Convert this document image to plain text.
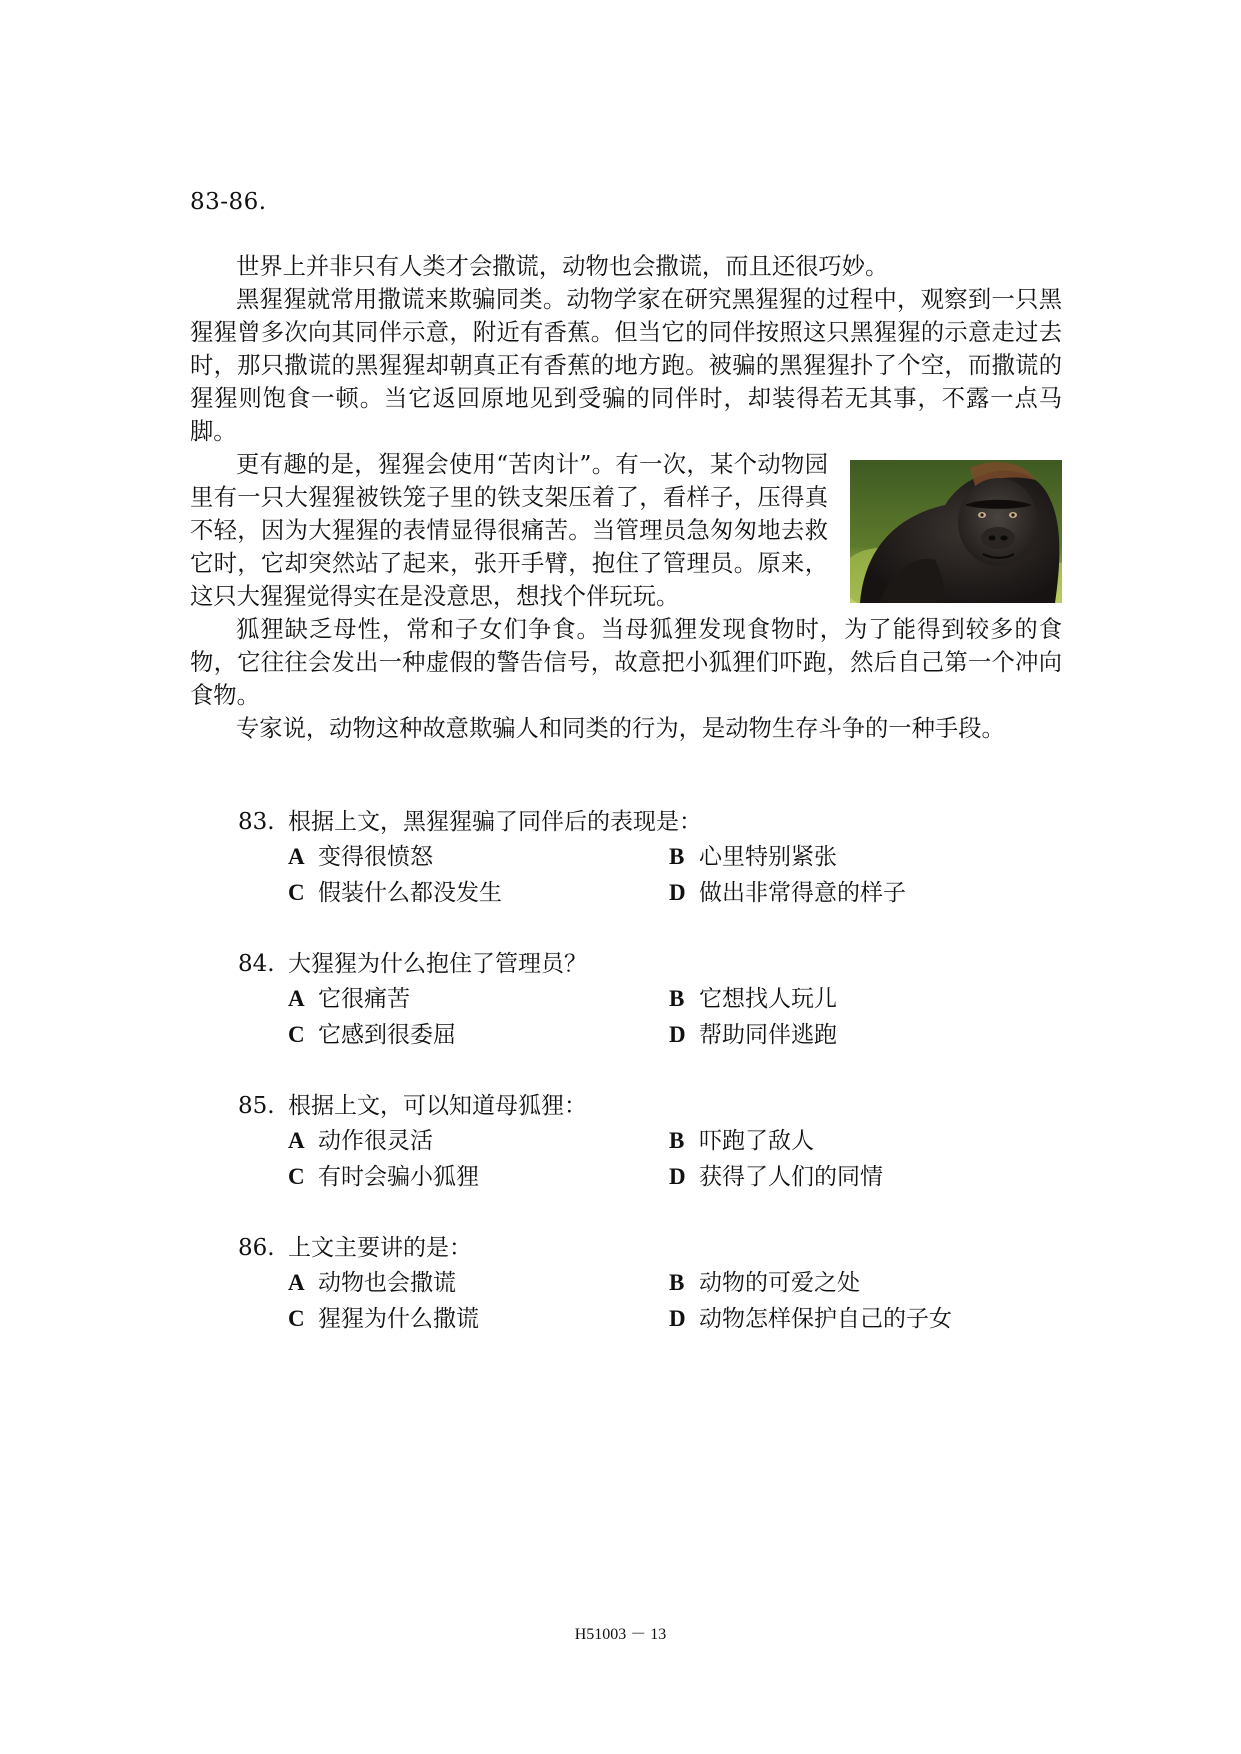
83-86.

世界上并非只有人类才会撒谎，动物也会撒谎，而且还很巧妙。

黑猩猩就常用撒谎来欺骗同类。动物学家在研究黑猩猩的过程中，观察到一只黑猩猩曾多次向其同伴示意，附近有香蕉。但当它的同伴按照这只黑猩猩的示意走过去时，那只撒谎的黑猩猩却朝真正有香蕉的地方跑。被骗的黑猩猩扑了个空，而撒谎的猩猩则饱食一顿。当它返回原地见到受骗的同伴时，却装得若无其事，不露一点马脚。

更有趣的是，猩猩会使用“苦肉计”。有一次，某个动物园里有一只大猩猩被铁笼子里的铁支架压着了，看样子，压得真不轻，因为大猩猩的表情显得很痛苦。当管理员急匆匆地去救它时，它却突然站了起来，张开手臂，抱住了管理员。原来，这只大猩猩觉得实在是没意思，想找个伴玩玩。

狐狸缺乏母性，常和子女们争食。当母狐狸发现食物时，为了能得到较多的食物，它往往会发出一种虚假的警告信号，故意把小狐狸们吓跑，然后自己第一个冲向食物。

专家说，动物这种故意欺骗人和同类的行为，是动物生存斗争的一种手段。

83. 根据上文，黑猩猩骗了同伴后的表现是：
A 变得很愤怒	B 心里特别紧张
C 假装什么都没发生	D 做出非常得意的样子
84. 大猩猩为什么抱住了管理员？
A 它很痛苦	B 它想找人玩儿
C 它感到很委屈	D 帮助同伴逃跑
85. 根据上文，可以知道母狐狸：
A 动作很灵活	B 吓跑了敌人
C 有时会骗小狐狸	D 获得了人们的同情
86. 上文主要讲的是：
A 动物也会撒谎	B 动物的可爱之处
C 猩猩为什么撒谎	D 动物怎样保护自己的子女
H51003 － 13
